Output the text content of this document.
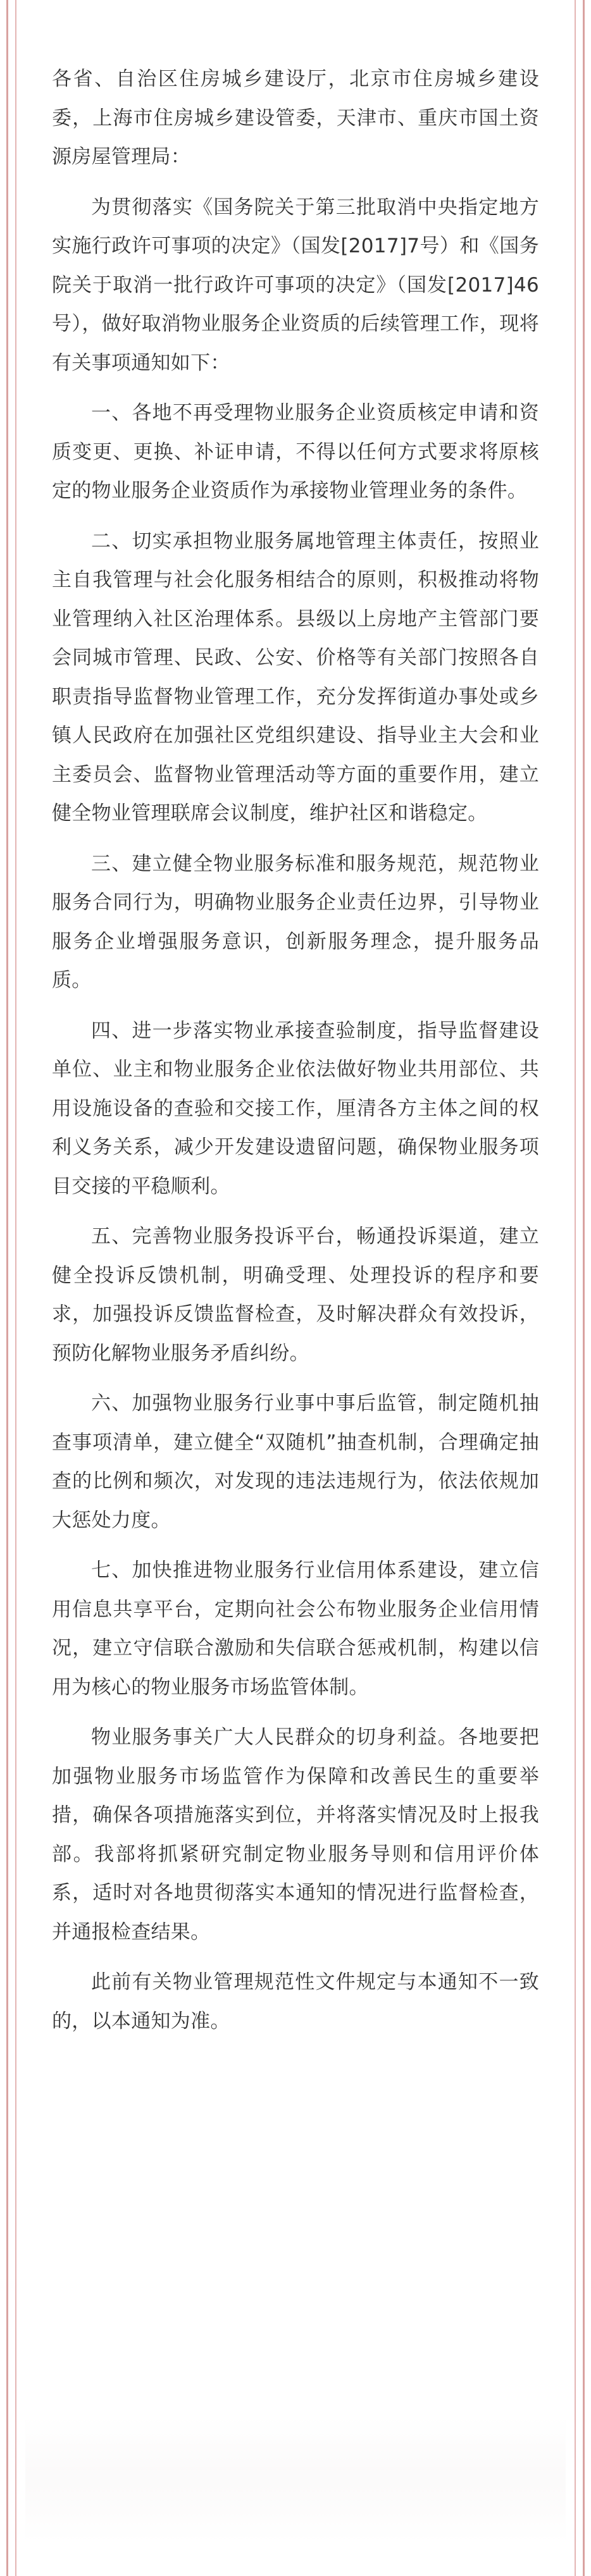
各省、自治区住房城乡建设厅，北京市住房城乡建设委，上海市住房城乡建设管委，天津市、重庆市国土资源房屋管理局：

为贯彻落实《国务院关于第三批取消中央指定地方实施行政许可事项的决定》（国发[2017]7号）和《国务院关于取消一批行政许可事项的决定》（国发[2017]46号），做好取消物业服务企业资质的后续管理工作，现将有关事项通知如下：

一、各地不再受理物业服务企业资质核定申请和资质变更、更换、补证申请，不得以任何方式要求将原核定的物业服务企业资质作为承接物业管理业务的条件。

二、切实承担物业服务属地管理主体责任，按照业主自我管理与社会化服务相结合的原则，积极推动将物业管理纳入社区治理体系。县级以上房地产主管部门要会同城市管理、民政、公安、价格等有关部门按照各自职责指导监督物业管理工作，充分发挥街道办事处或乡镇人民政府在加强社区党组织建设、指导业主大会和业主委员会、监督物业管理活动等方面的重要作用，建立健全物业管理联席会议制度，维护社区和谐稳定。

三、建立健全物业服务标准和服务规范，规范物业服务合同行为，明确物业服务企业责任边界，引导物业服务企业增强服务意识，创新服务理念，提升服务品质。

四、进一步落实物业承接查验制度，指导监督建设单位、业主和物业服务企业依法做好物业共用部位、共用设施设备的查验和交接工作，厘清各方主体之间的权利义务关系，减少开发建设遗留问题，确保物业服务项目交接的平稳顺利。

五、完善物业服务投诉平台，畅通投诉渠道，建立健全投诉反馈机制，明确受理、处理投诉的程序和要求，加强投诉反馈监督检查，及时解决群众有效投诉，预防化解物业服务矛盾纠纷。

六、加强物业服务行业事中事后监管，制定随机抽查事项清单，建立健全“双随机”抽查机制，合理确定抽查的比例和频次，对发现的违法违规行为，依法依规加大惩处力度。

七、加快推进物业服务行业信用体系建设，建立信用信息共享平台，定期向社会公布物业服务企业信用情况，建立守信联合激励和失信联合惩戒机制，构建以信用为核心的物业服务市场监管体制。

物业服务事关广大人民群众的切身利益。各地要把加强物业服务市场监管作为保障和改善民生的重要举措，确保各项措施落实到位，并将落实情况及时上报我部。我部将抓紧研究制定物业服务导则和信用评价体系，适时对各地贯彻落实本通知的情况进行监督检查，并通报检查结果。

此前有关物业管理规范性文件规定与本通知不一致的，以本通知为准。
